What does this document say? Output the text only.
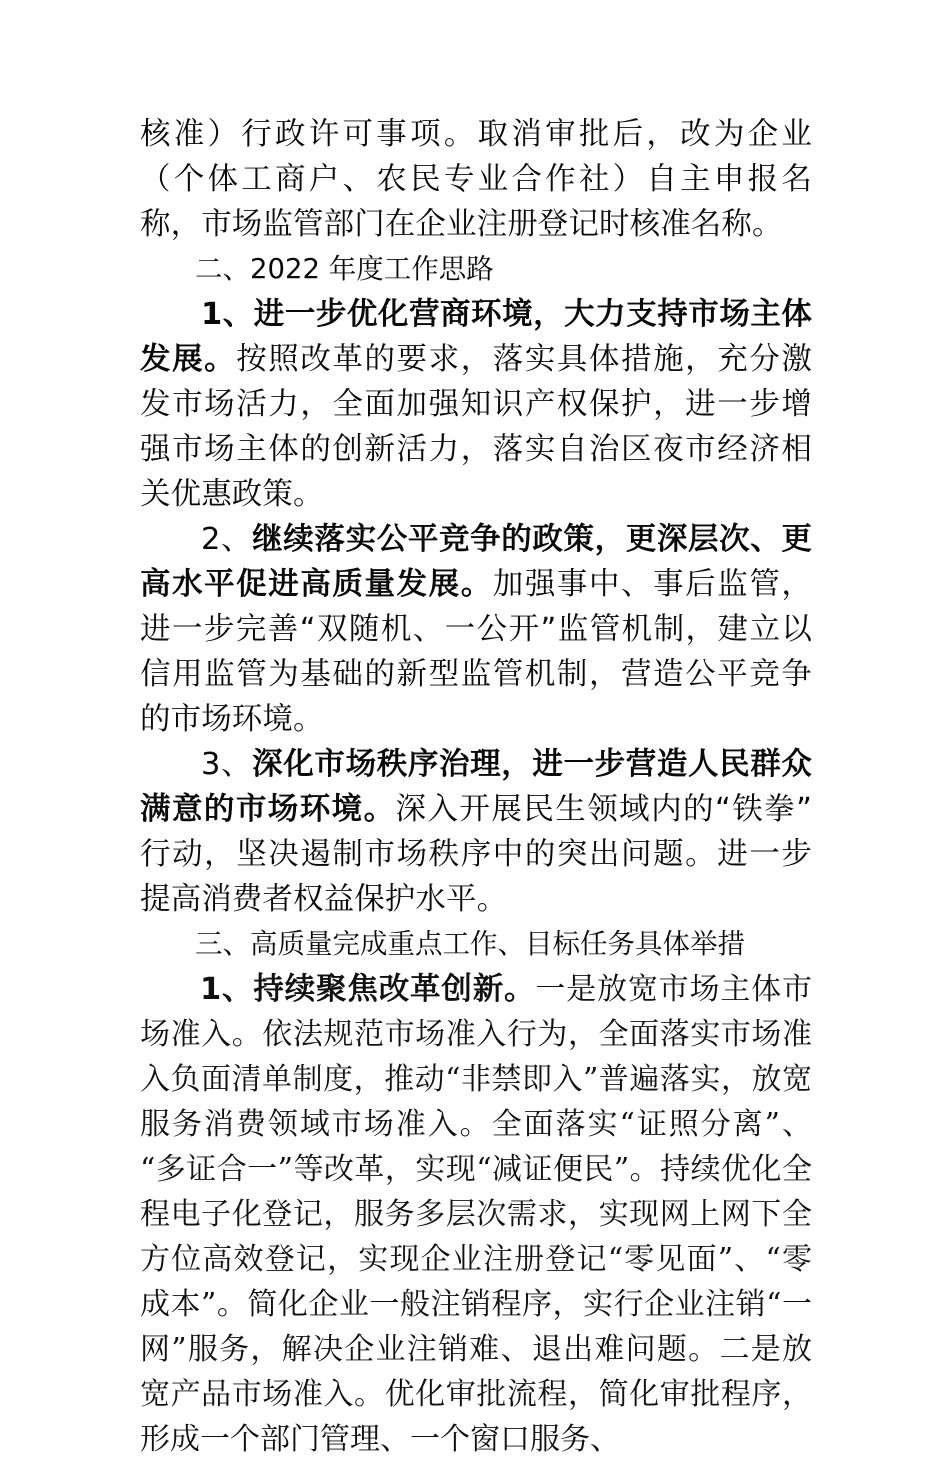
核准）行政许可事项。取消审批后，改为企业（个体工商户、农民专业合作社）自主申报名称，市场监管部门在企业注册登记时核准名称。

二、2022 年度工作思路

1、进一步优化营商环境，大力支持市场主体发展。按照改革的要求，落实具体措施，充分激发市场活力，全面加强知识产权保护，进一步增强市场主体的创新活力，落实自治区夜市经济相关优惠政策。

2、继续落实公平竞争的政策，更深层次、更高水平促进高质量发展。加强事中、事后监管，进一步完善“双随机、一公开”监管机制，建立以信用监管为基础的新型监管机制，营造公平竞争的市场环境。

3、深化市场秩序治理，进一步营造人民群众满意的市场环境。深入开展民生领域内的“铁拳”行动，坚决遏制市场秩序中的突出问题。进一步提高消费者权益保护水平。

三、高质量完成重点工作、目标任务具体举措

1、持续聚焦改革创新。一是放宽市场主体市场准入。依法规范市场准入行为，全面落实市场准入负面清单制度，推动“非禁即入”普遍落实，放宽服务消费领域市场准入。全面落实“证照分离”、“多证合一”等改革，实现“减证便民”。持续优化全程电子化登记，服务多层次需求，实现网上网下全方位高效登记，实现企业注册登记“零见面”、“零成本”。简化企业一般注销程序，实行企业注销“一网”服务，解决企业注销难、退出难问题。二是放宽产品市场准入。优化审批流程，简化审批程序，形成一个部门管理、一个窗口服务、
